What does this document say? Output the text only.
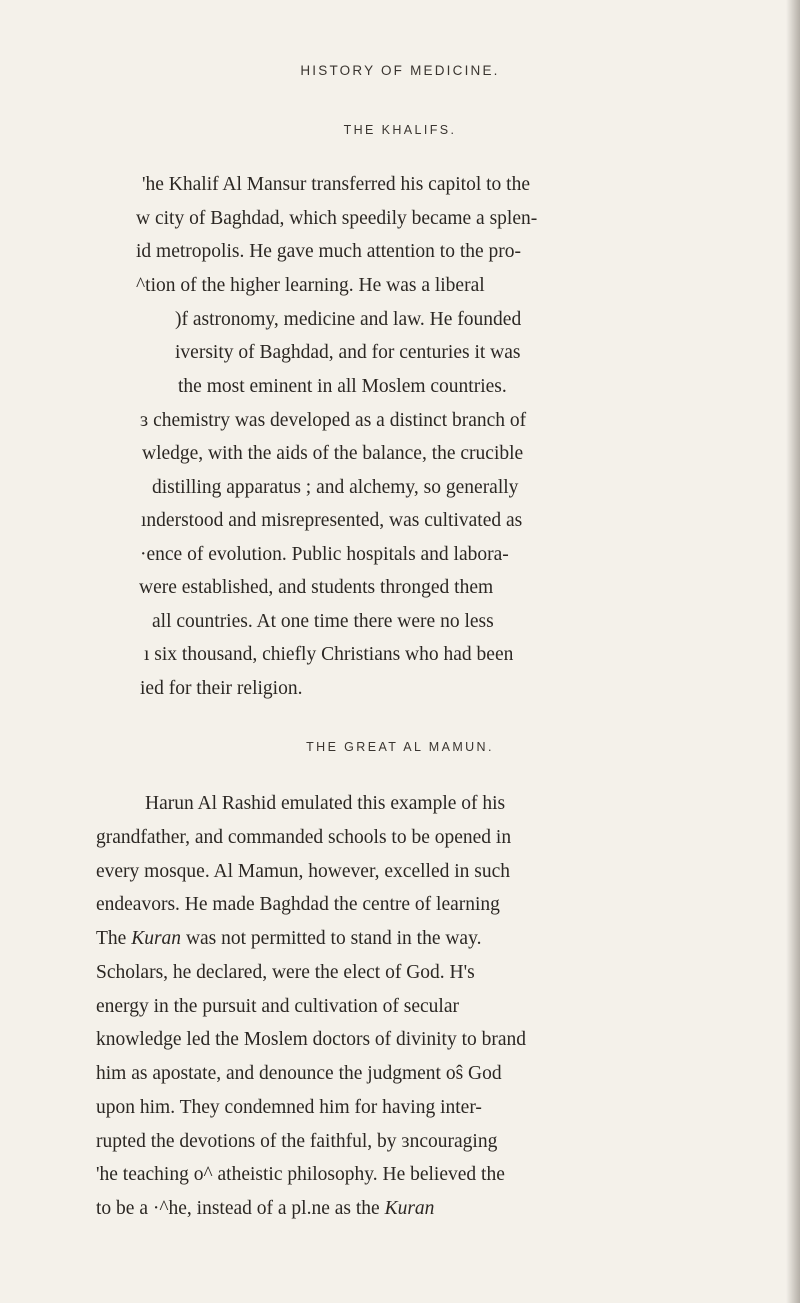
HISTORY OF MEDICINE.
THE KHALIFS.
'he Khalif Al Mansur transferred his capitol to the
w city of Baghdad, which speedily became a splen-
id metropolis. He gave much attention to the pro-
^tion of the higher learning. He was a liberal
)f astronomy, medicine and law. He founded
iversity of Baghdad, and for centuries it was
the most eminent in all Moslem countries.
ɜ chemistry was developed as a distinct branch of
wledge, with the aids of the balance, the crucible
distilling apparatus ; and alchemy, so generally
ınderstood and misrepresented, was cultivated as
·ence of evolution. Public hospitals and labora-
were established, and students thronged them
all countries. At one time there were no less
ı six thousand, chiefly Christians who had been
ied for their religion.
THE GREAT AL MAMUN.
Harun Al Rashid emulated this example of his
grandfather, and commanded schools to be opened in
every mosque. Al Mamun, however, excelled in such
endeavors. He made Baghdad the centre of learning
The Kuran was not permitted to stand in the way.
Scholars, he declared, were the elect of God. H's
energy in the pursuit and cultivation of secular
knowledge led the Moslem doctors of divinity to brand
him as apostate, and denounce the judgment oŝ God
upon him. They condemned him for having inter-
rupted the devotions of the faithful, by ɜncouraging
'he teaching o^ atheistic philosophy. He believed the
to be a ·^he, instead of a pl.ne as the Kuran
